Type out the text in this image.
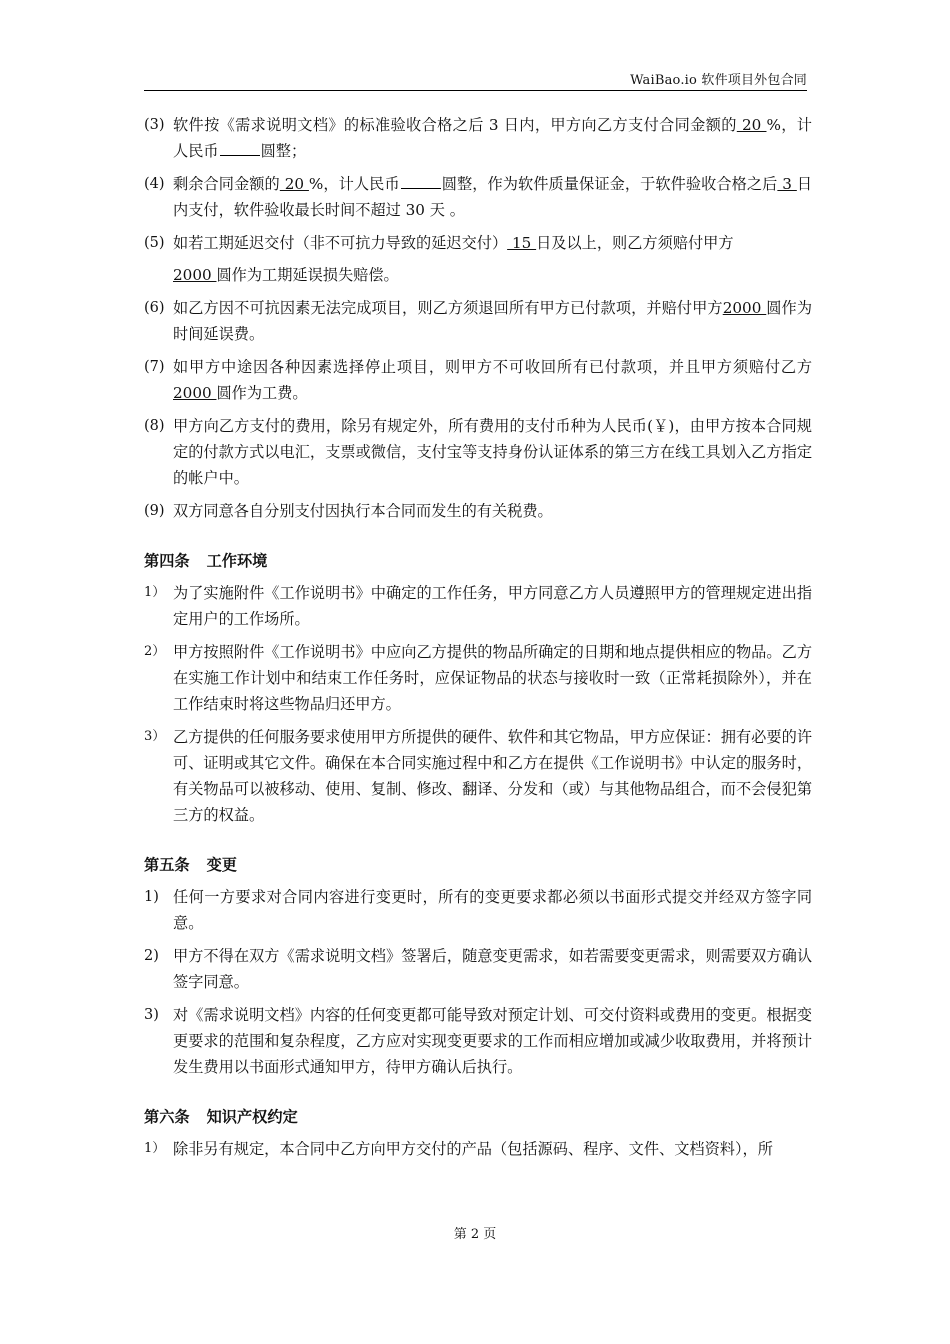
WaiBao.io 软件项目外包合同
(3) 软件按《需求说明文档》的标准验收合格之后 3 日内，甲方向乙方支付合同金额的 20 %，计人民币	圆整；
(4) 剩余合同金额的 20 %，计人民币	圆整，作为软件质量保证金，于软件验收合格之后 3 日内支付，软件验收最长时间不超过 30 天 。
(5) 如若工期延迟交付（非不可抗力导致的延迟交付） 15 日及以上，则乙方须赔付甲方
2000 圆作为工期延误损失赔偿。
(6) 如乙方因不可抗因素无法完成项目，则乙方须退回所有甲方已付款项，并赔付甲方2000 圆作为时间延误费。
(7) 如甲方中途因各种因素选择停止项目，则甲方不可收回所有已付款项，并且甲方须赔付乙方 2000 圆作为工费。
(8) 甲方向乙方支付的费用，除另有规定外，所有费用的支付币种为人民币(￥)，由甲方按本合同规定的付款方式以电汇，支票或微信，支付宝等支持身份认证体系的第三方在线工具划入乙方指定的帐户中。
(9) 双方同意各自分别支付因执行本合同而发生的有关税费。
第四条 工作环境
1） 为了实施附件《工作说明书》中确定的工作任务，甲方同意乙方人员遵照甲方的管理规定进出指定用户的工作场所。
2） 甲方按照附件《工作说明书》中应向乙方提供的物品所确定的日期和地点提供相应的物品。乙方在实施工作计划中和结束工作任务时，应保证物品的状态与接收时一致（正常耗损除外），并在工作结束时将这些物品归还甲方。
3） 乙方提供的任何服务要求使用甲方所提供的硬件、软件和其它物品，甲方应保证：拥有必要的许可、证明或其它文件。确保在本合同实施过程中和乙方在提供《工作说明书》中认定的服务时，有关物品可以被移动、使用、复制、修改、翻译、分发和（或）与其他物品组合，而不会侵犯第三方的权益。
第五条 变更
1) 任何一方要求对合同内容进行变更时，所有的变更要求都必须以书面形式提交并经双方签字同意。
2) 甲方不得在双方《需求说明文档》签署后，随意变更需求，如若需要变更需求，则需要双方确认签字同意。
3) 对《需求说明文档》内容的任何变更都可能导致对预定计划、可交付资料或费用的变更。根据变更要求的范围和复杂程度，乙方应对实现变更要求的工作而相应增加或减少收取费用，并将预计发生费用以书面形式通知甲方，待甲方确认后执行。
第六条 知识产权约定
1） 除非另有规定，本合同中乙方向甲方交付的产品（包括源码、程序、文件、文档资料），所
第 2 页
